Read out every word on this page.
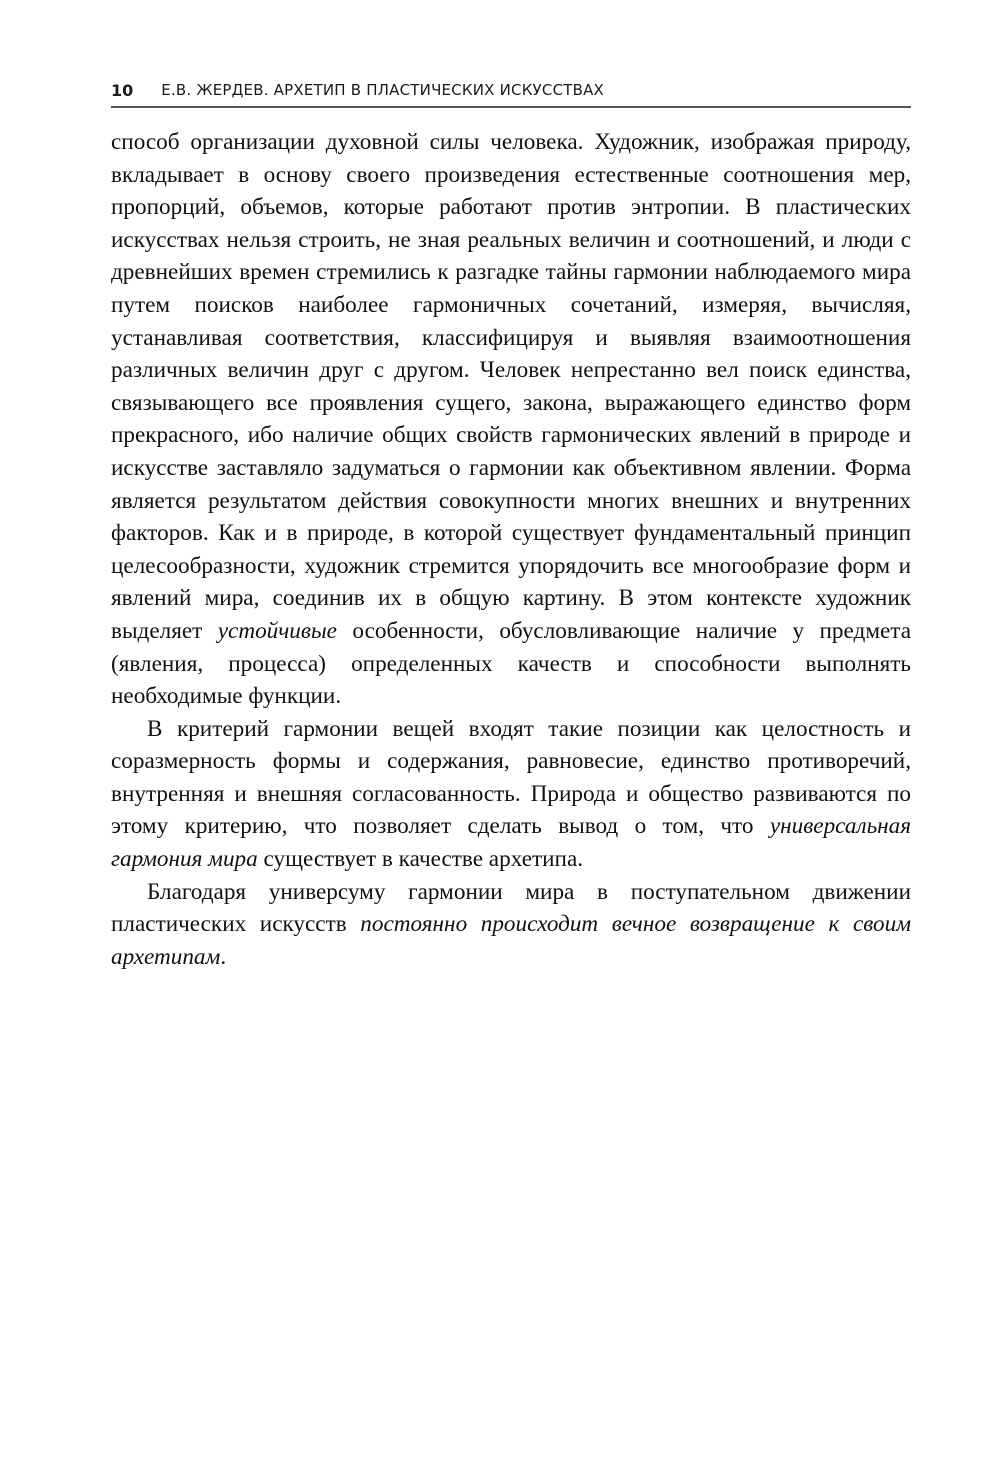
10 Е.В. ЖЕРДЕВ. АРХЕТИП В ПЛАСТИЧЕСКИХ ИСКУССТВАХ

способ организации духовной силы человека. Художник, изображая природу, вкладывает в основу своего произведения естественные соотношения мер, пропорций, объемов, которые работают против энтропии. В пластических искусствах нельзя строить, не зная реальных величин и соотношений, и люди с древнейших времен стремились к разгадке тайны гармонии наблюдаемого мира путем поисков наиболее гармоничных сочетаний, измеряя, вычисляя, устанавливая соответствия, классифицируя и выявляя взаимоотношения различных величин друг с другом. Человек непрестанно вел поиск единства, связывающего все проявления сущего, закона, выражающего единство форм прекрасного, ибо наличие общих свойств гармонических явлений в природе и искусстве заставляло задуматься о гармонии как объективном явлении. Форма является результатом действия совокупности многих внешних и внутренних факторов. Как и в природе, в которой существует фундаментальный принцип целесообразности, художник стремится упорядочить все многообразие форм и явлений мира, соединив их в общую картину. В этом контексте художник выделяет устойчивые особенности, обусловливающие наличие у предмета (явления, процесса) определенных качеств и способности выполнять необходимые функции.

В критерий гармонии вещей входят такие позиции как целостность и соразмерность формы и содержания, равновесие, единство противоречий, внутренняя и внешняя согласованность. Природа и общество развиваются по этому критерию, что позволяет сделать вывод о том, что универсальная гармония мира существует в качестве архетипа.

Благодаря универсуму гармонии мира в поступательном движении пластических искусств постоянно происходит вечное возвращение к своим архетипам.
